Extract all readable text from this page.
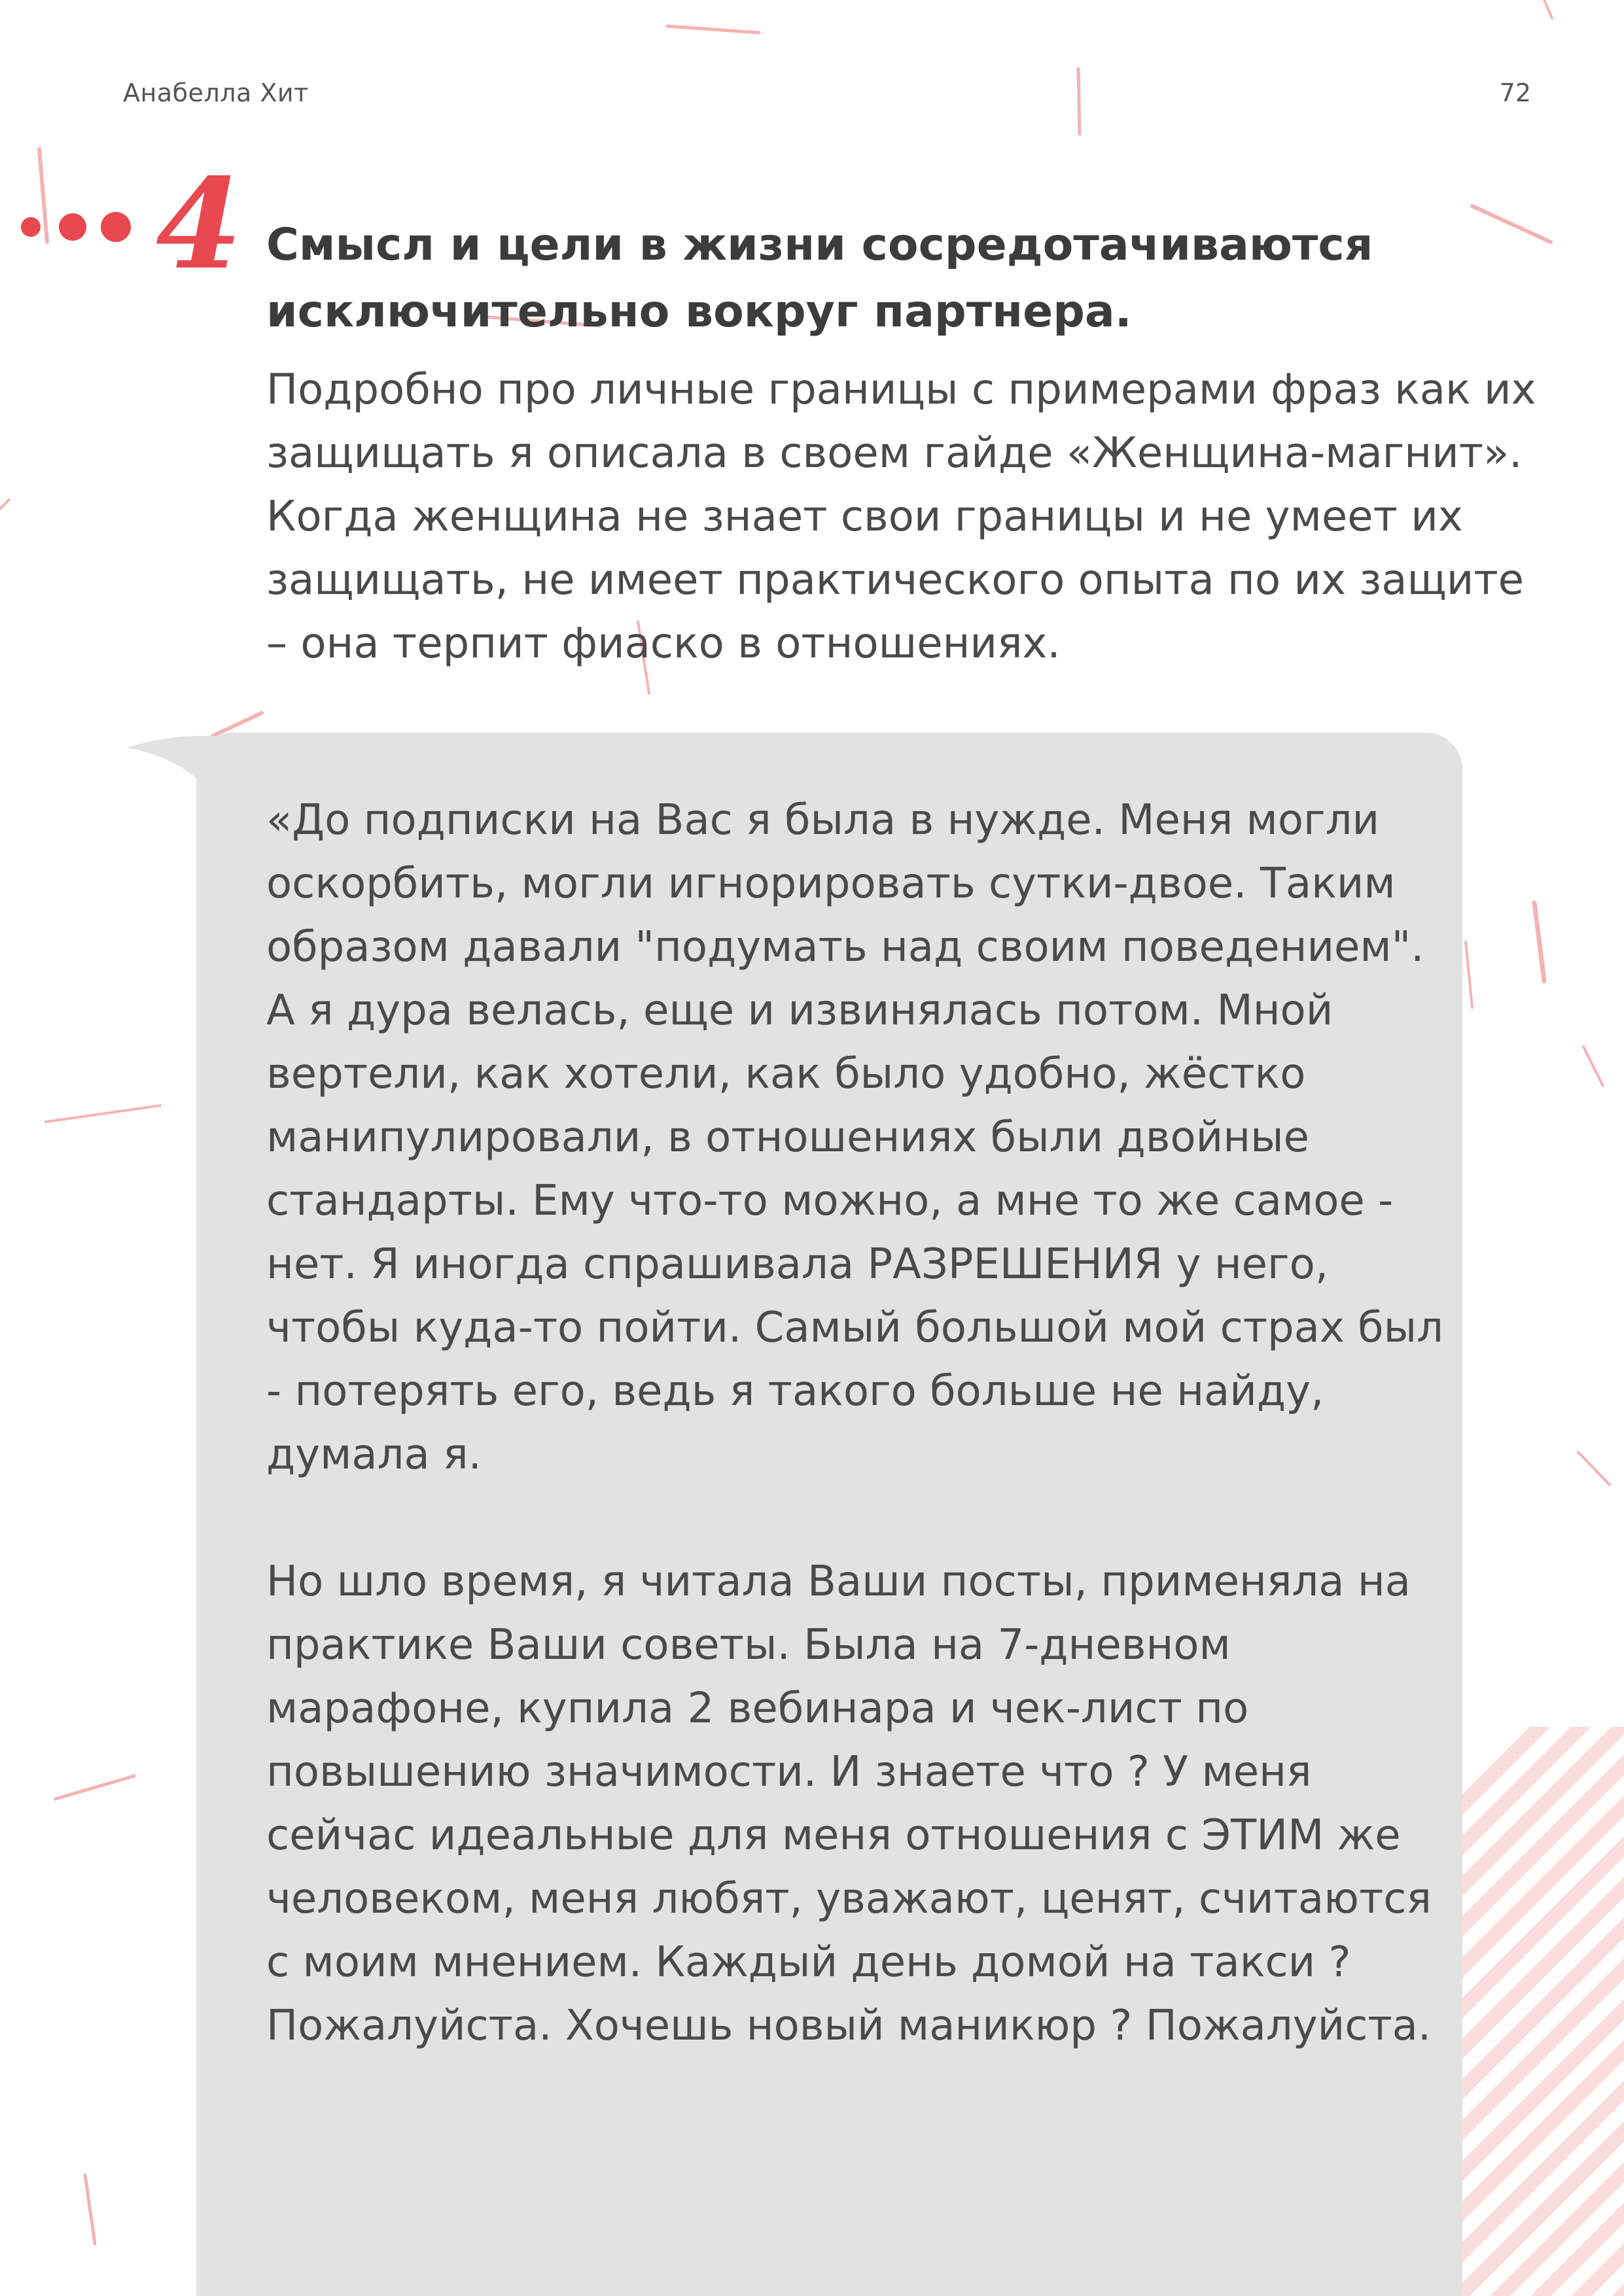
Анабелла Хит	72
4 Смысл и цели в жизни сосредотачиваются исключительно вокруг партнера.

Подробно про личные границы с примерами фраз как их защищать я описала в своем гайде «Женщина-магнит». Когда женщина не знает свои границы и не умеет их защищать, не имеет практического опыта по их защите – она терпит фиаско в отношениях.

«До подписки на Вас я была в нужде. Меня могли оскорбить, могли игнорировать сутки-двое. Таким образом давали "подумать над своим поведением". А я дура велась, еще и извинялась потом. Мной вертели, как хотели, как было удобно, жёстко манипулировали, в отношениях были двойные стандарты. Ему что-то можно, а мне то же самое - нет. Я иногда спрашивала РАЗРЕШЕНИЯ у него, чтобы куда-то пойти. Самый большой мой страх был - потерять его, ведь я такого больше не найду, думала я.

Но шло время, я читала Ваши посты, применяла на практике Ваши советы. Была на 7-дневном марафоне, купила 2 вебинара и чек-лист по повышению значимости. И знаете что ? У меня сейчас идеальные для меня отношения с ЭТИМ же человеком, меня любят, уважают, ценят, считаются с моим мнением. Каждый день домой на такси ? Пожалуйста. Хочешь новый маникюр ? Пожалуйста.
